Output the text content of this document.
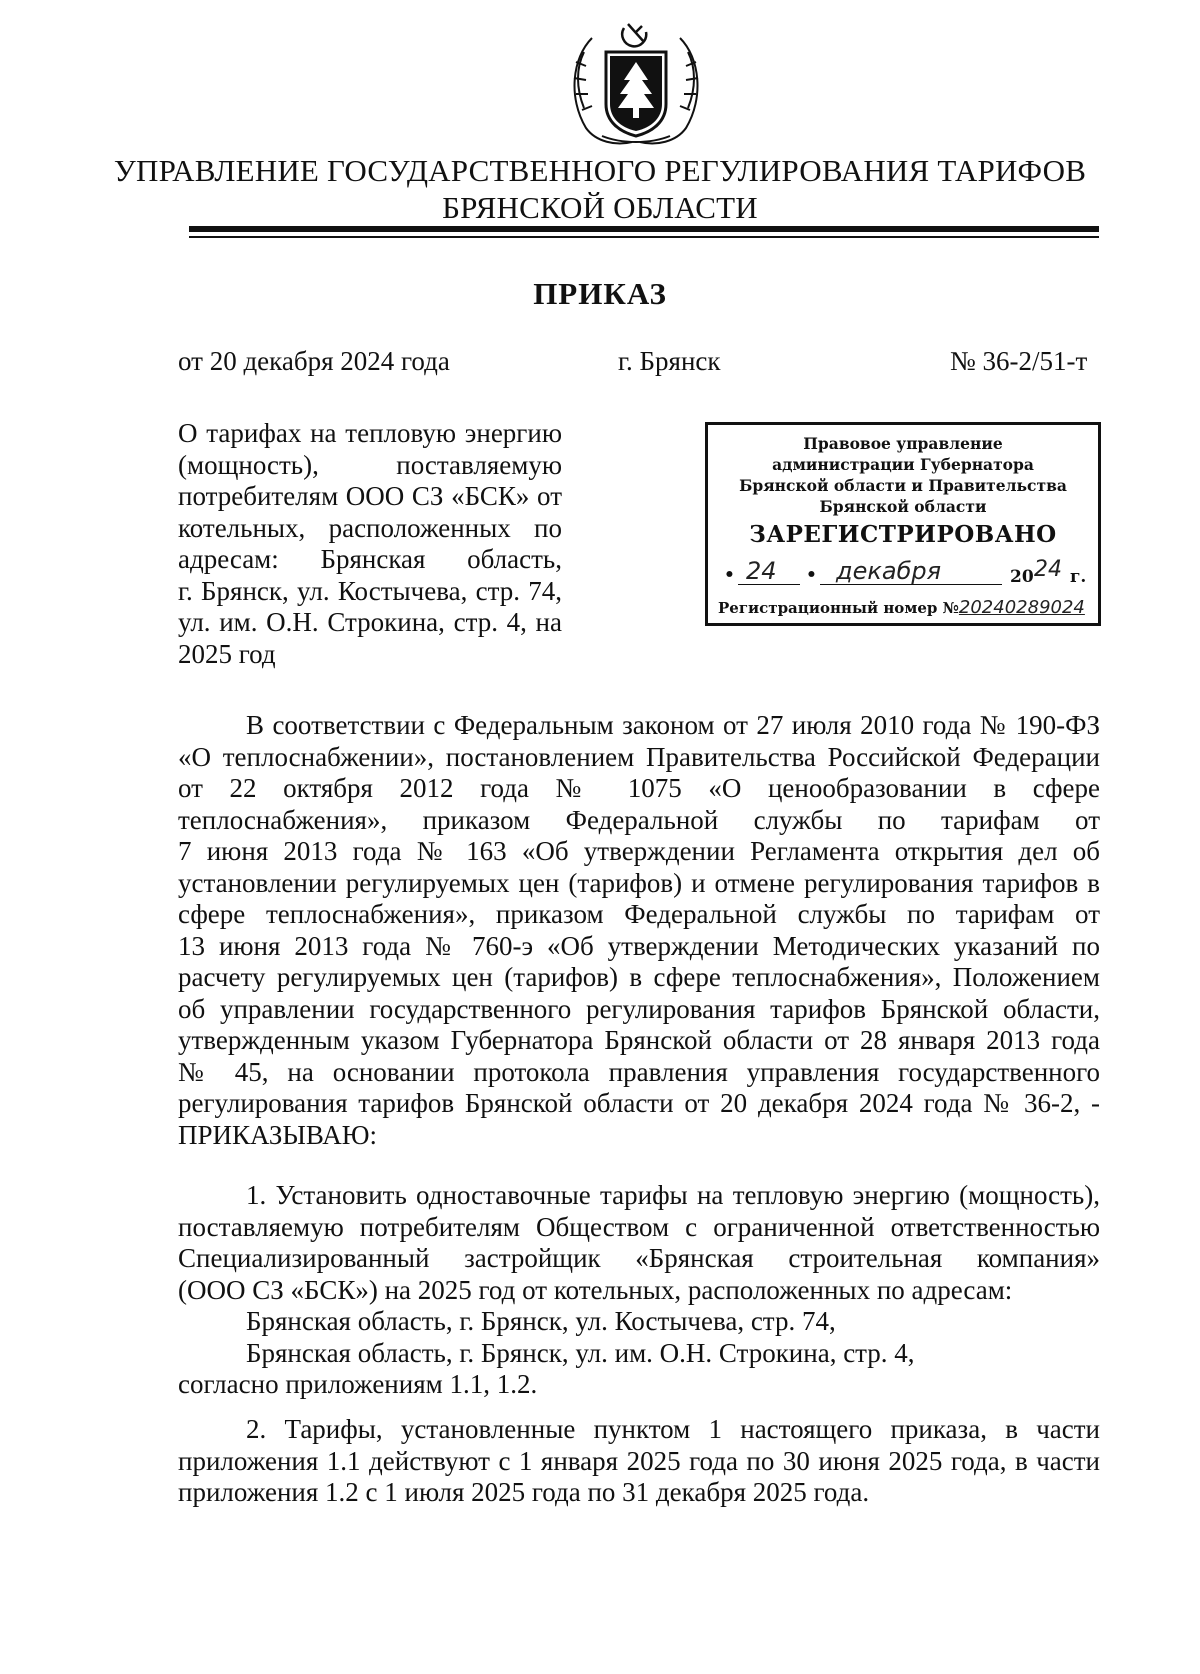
УПРАВЛЕНИЕ ГОСУДАРСТВЕННОГО РЕГУЛИРОВАНИЯ ТАРИФОВ
БРЯНСКОЙ ОБЛАСТИ
ПРИКАЗ
от 20 декабря 2024 года	г. Брянск	№ 36-2/51-т
О тарифах на тепловую энергию
(мощность), поставляемую
потребителям ООО СЗ «БСК» от
котельных, расположенных по
адресам: Брянская область,
г. Брянск, ул. Костычева, стр. 74,
ул. им. О.Н. Строкина, стр. 4, на
2025 год
Правовое управление
администрации Губернатора
Брянской области и Правительства
Брянской области
ЗАРЕГИСТРИРОВАНО
• 24 • декабря	20 24 г.
Регистрационный номер №20240289024
В соответствии с Федеральным законом от 27 июля 2010 года № 190-ФЗ
«О теплоснабжении», постановлением Правительства Российской Федерации
от 22 октября 2012 года № 1075 «О ценообразовании в сфере
теплоснабжения», приказом Федеральной службы по тарифам от
7 июня 2013 года № 163 «Об утверждении Регламента открытия дел об
установлении регулируемых цен (тарифов) и отмене регулирования тарифов в
сфере теплоснабжения», приказом Федеральной службы по тарифам от
13 июня 2013 года № 760-э «Об утверждении Методических указаний по
расчету регулируемых цен (тарифов) в сфере теплоснабжения», Положением
об управлении государственного регулирования тарифов Брянской области,
утвержденным указом Губернатора Брянской области от 28 января 2013 года
№ 45, на основании протокола правления управления государственного
регулирования тарифов Брянской области от 20 декабря 2024 года № 36-2, -
ПРИКАЗЫВАЮ:
1. Установить одноставочные тарифы на тепловую энергию (мощность),
поставляемую потребителям Обществом с ограниченной ответственностью
Специализированный застройщик «Брянская строительная компания»
(ООО СЗ «БСК») на 2025 год от котельных, расположенных по адресам:
Брянская область, г. Брянск, ул. Костычева, стр. 74,
Брянская область, г. Брянск, ул. им. О.Н. Строкина, стр. 4,
согласно приложениям 1.1, 1.2.
2. Тарифы, установленные пунктом 1 настоящего приказа, в части
приложения 1.1 действуют с 1 января 2025 года по 30 июня 2025 года, в части
приложения 1.2 с 1 июля 2025 года по 31 декабря 2025 года.
